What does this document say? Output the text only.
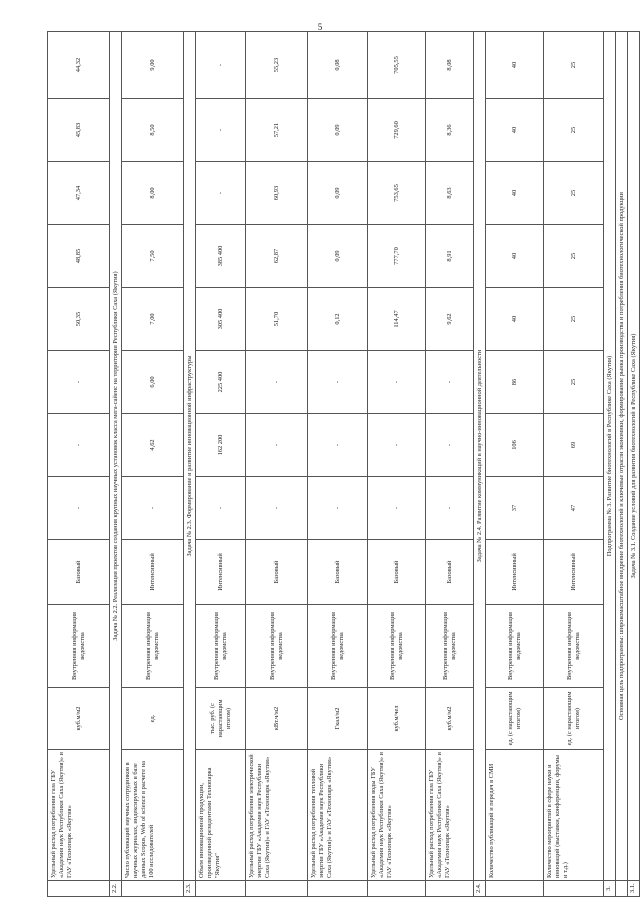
5
	Удельный расход потребления газа ГБУ «Академия наук Республики Саха (Якутия)» и ГАУ «Технопарк «Якутия»	куб.м/м2	Внутренняя информация ведомства	Базовый	-	-	-	50,35	48,85	47,34	45,83	44,32
2.2.	Задача № 2.2. Реализация проектов создания крупных научных установок класса мега-сайенс на территории Республики Саха (Якутия)											
	Число публикаций научных сотрудников в научных журналах, индексируемых в базе данных Scopus, Web of science в расчете на 100 исследователей	ед.	Внутренняя информация ведомства	Интенсивный	-	4,62	6,00	7,00	7,50	8,00	8,50	9,00
2.3.	Задача № 2.3. Формирование и развитие инновационной инфраструктуры											
	Объем инновационной продукции, произведенной резидентами Технопарка "Якутия"	тыс. руб. (с нарастающим итогом)	Внутренняя информация ведомства	Интенсивный	-	162 200	225 400	305 400	385 400	-	-	-
	Удельный расход потребления электрической энергии ГБУ «Академия наук Республики Саха (Якутия)» и ГАУ «Технопарк «Якутия»	кВт.ч/м2	Внутренняя информация ведомства	Базовый	-	-	-	51,70	62,87	60,93	57,21	55,23
	Удельный расход потребления тепловой энергии ГБУ «Академия наук Республики Саха (Якутия)» и ГАУ «Технопарк «Якутия»	Гкал/м2	Внутренняя информация ведомства	Базовый	-	-	-	0,12	0,09	0,09	0,09	0,08
	Удельный расход потребления воды ГБУ «Академия наук Республики Саха (Якутия)» и ГАУ «Технопарк «Якутия»	куб.м/чел	Внутренняя информация ведомства	Базовый	-	-	-	114,47	777,70	753,65	729,60	705,55
	Удельный расход потребления газа ГБУ «Академия наук Республики Саха (Якутия)» и ГАУ «Технопарк «Якутия»	куб.м/м2	Внутренняя информация ведомства	Базовый	-	-	-	9,62	8,91	8,63	8,36	8,08
2.4.	Задача № 2.4. Развитие коммуникаций в научно-инновационной деятельности											
	Количество публикаций и передач в СМИ	ед. (с нарастающим итогом)	Внутренняя информация ведомства	Интенсивный	37	106	86	40	40	40	40	40
	Количество мероприятий в сфере науки и инноваций (выставки, конференции, форумы и т.д.)	ед. (с нарастающим итогом)	Внутренняя информация ведомства	Интенсивный	47	69	25	25	25	25	25	25
3.	Подпрограмма № 3. Развитие биотехнологий в Республике Саха (Якутия)											
	Основная цель подпрограммы: широкомасштабное внедрение биотехнологий и ключевые отрасли экономики, формирование рынка производства и потребления биотехнологической продукции											
3.1.	Задача № 3.1. Создание условий для развития биотехнологий в Республике Саха (Якутия)											
